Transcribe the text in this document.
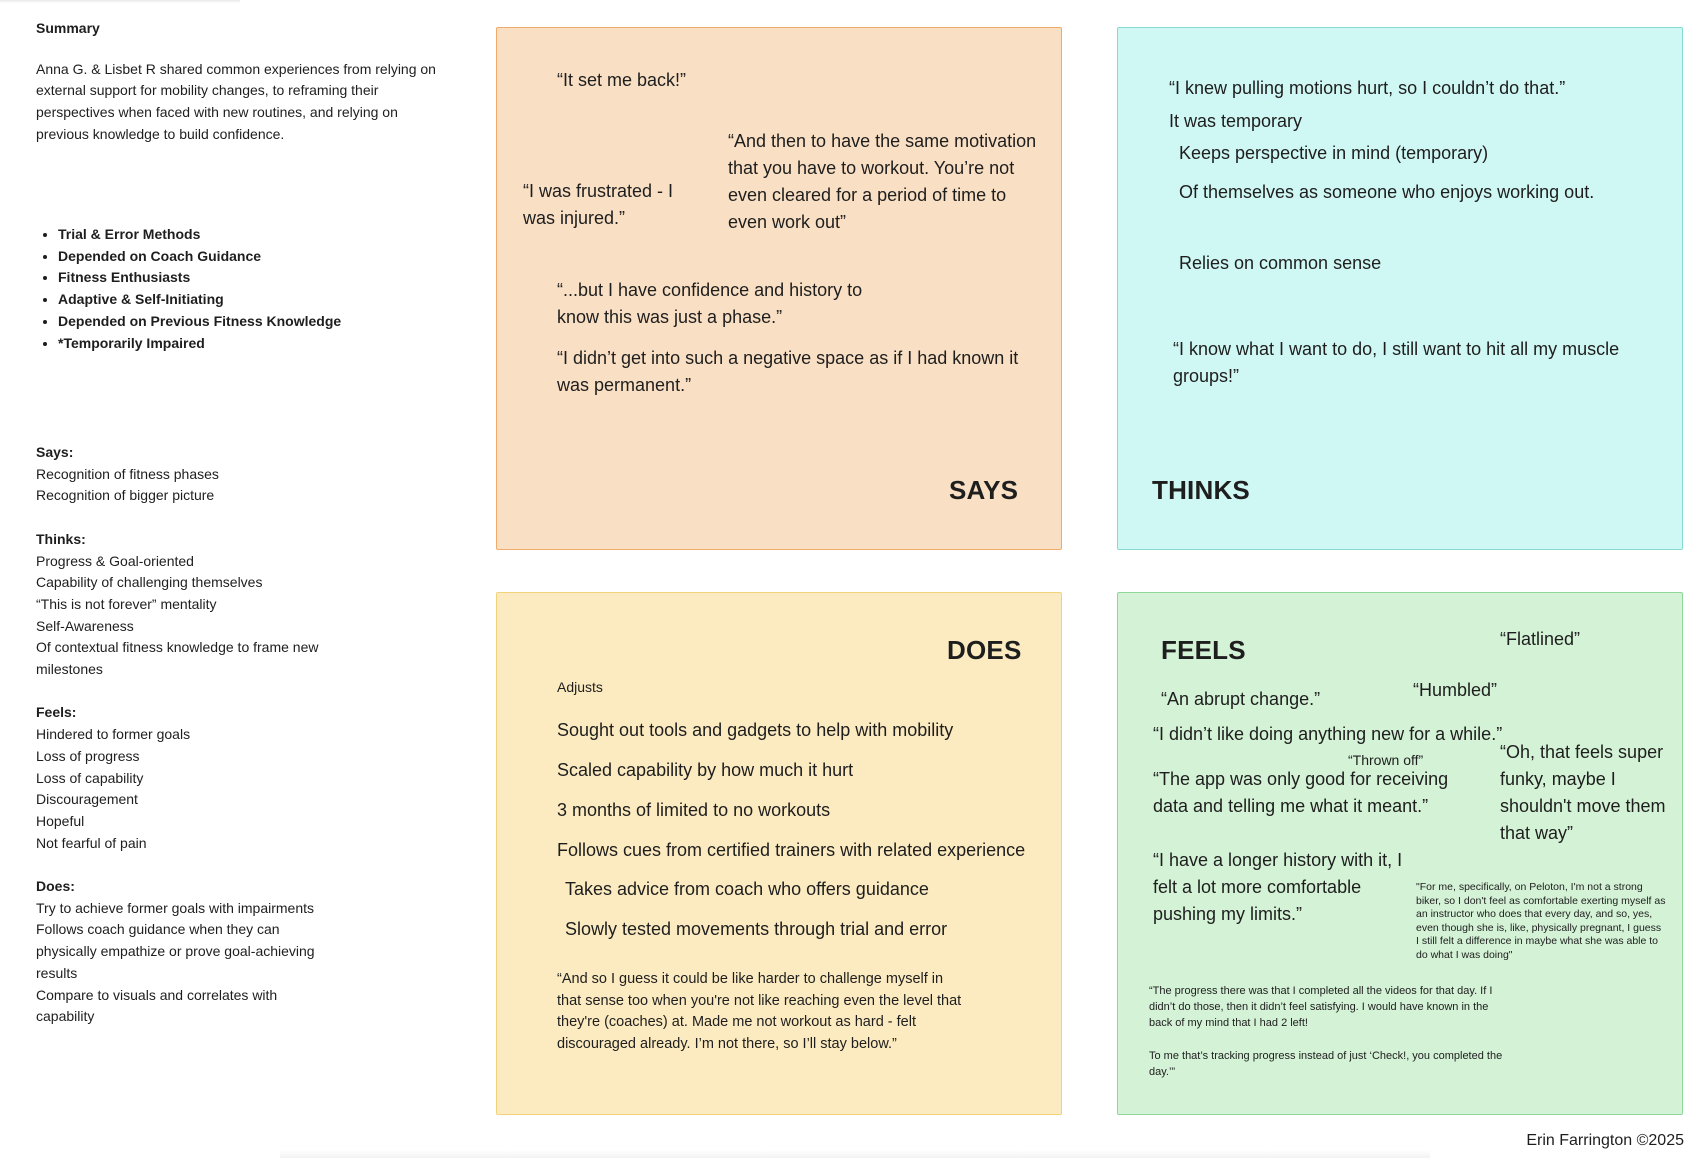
Summary

Anna G. & Lisbet R shared common experiences from relying on external support for mobility changes, to reframing their perspectives when faced with new routines, and relying on previous knowledge to build confidence.

• Trial & Error Methods
• Depended on Coach Guidance
• Fitness Enthusiasts
• Adaptive & Self-Initiating
• Depended on Previous Fitness Knowledge
• *Temporarily Impaired
Says:
Recognition of fitness phases
Recognition of bigger picture
Thinks:
Progress & Goal-oriented
Capability of challenging themselves
“This is not forever” mentality
Self-Awareness
Of contextual fitness knowledge to frame new milestones
Feels:
Hindered to former goals
Loss of progress
Loss of capability
Discouragement
Hopeful
Not fearful of pain
Does:
Try to achieve former goals with impairments
Follows coach guidance when they can physically empathize or prove goal-achieving results
Compare to visuals and correlates with capability
“It set me back!”
“I was frustrated - I was injured.”
“And then to have the same motivation that you have to workout. You’re not even cleared for a period of time to even work out”
“...but I have confidence and history to know this was just a phase.”
“I didn’t get into such a negative space as if I had known it was permanent.”
SAYS
“I knew pulling motions hurt, so I couldn’t do that.”
It was temporary
Keeps perspective in mind (temporary)
Of themselves as someone who enjoys working out.
Relies on common sense
“I know what I want to do, I still want to hit all my muscle groups!”
THINKS
DOES
Adjusts
Sought out tools and gadgets to help with mobility
Scaled capability by how much it hurt
3 months of limited to no workouts
Follows cues from certified trainers with related experience
Takes advice from coach who offers guidance
Slowly tested movements through trial and error
“And so I guess it could be like harder to challenge myself in that sense too when you're not like reaching even the level that they're (coaches) at. Made me not workout as hard - felt discouraged already. I’m not there, so I’ll stay below.”
“Flatlined”
FEELS
“An abrupt change.”	“Humbled”
“I didn’t like doing anything new for a while.”
“Thrown off”
“The app was only good for receiving data and telling me what it meant.”
“Oh, that feels super funky, maybe I shouldn't move them that way”
“I have a longer history with it, I felt a lot more comfortable pushing my limits.”
"For me, specifically, on Peloton, I'm not a strong biker, so I don't feel as comfortable exerting myself as an instructor who does that every day, and so, yes, even though she is, like, physically pregnant, I guess I still felt a difference in maybe what she was able to do what I was doing"
“The progress there was that I completed all the videos for that day. If I didn’t do those, then it didn’t feel satisfying. I would have known in the back of my mind that I had 2 left!
To me that’s tracking progress instead of just ‘Check!, you completed the day.’”
Erin Farrington ©2025
